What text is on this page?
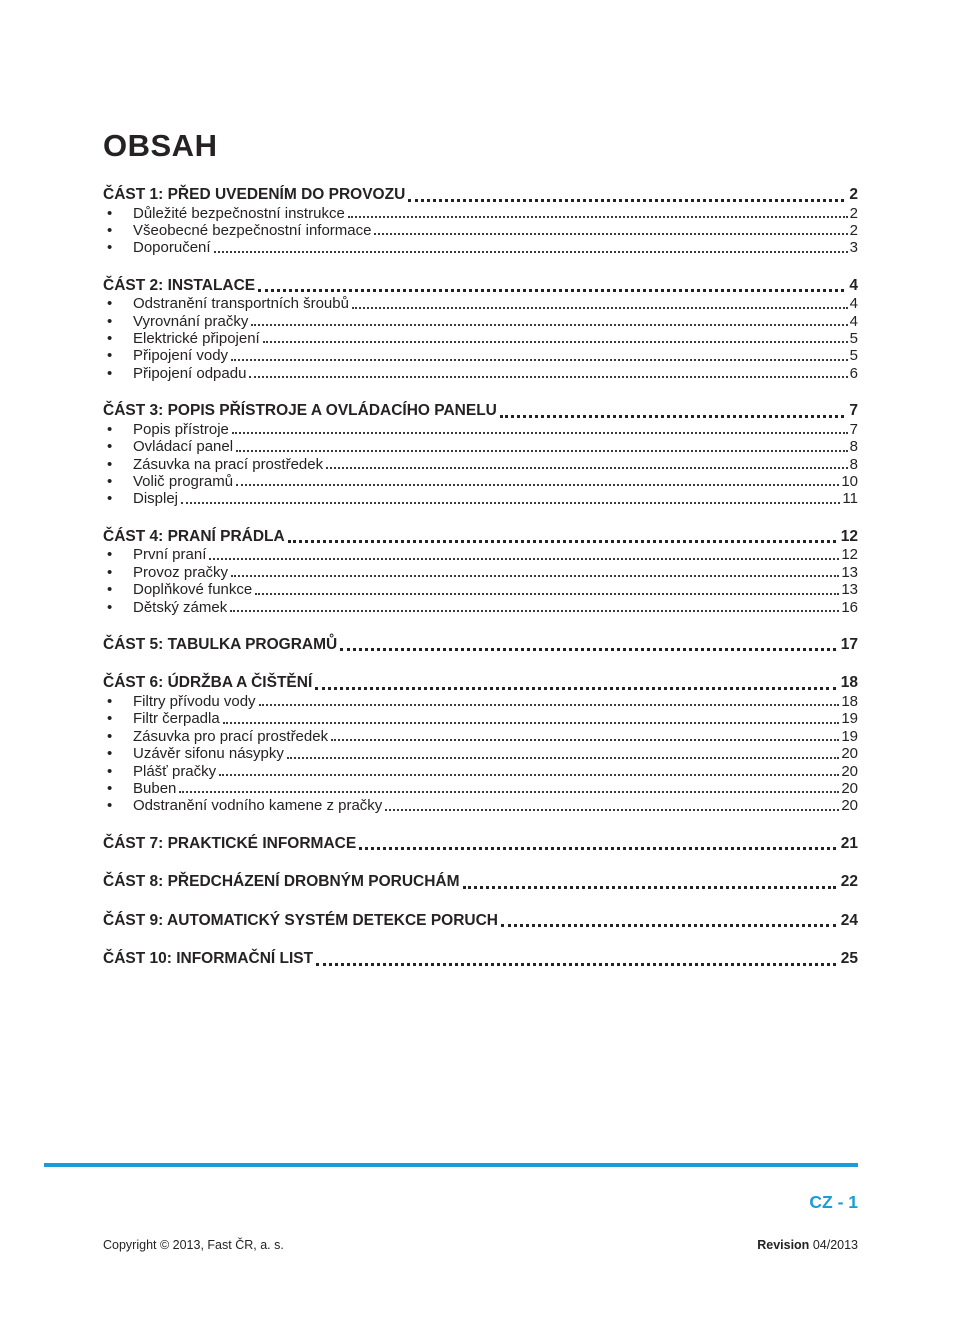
OBSAH
ČÁST 1: PŘED UVEDENÍM DO PROVOZU	2
•	Důležité bezpečnostní instrukce	2
•	Všeobecné bezpečnostní informace	2
•	Doporučení	3
ČÁST 2: INSTALACE	4
•	Odstranění transportních šroubů	4
•	Vyrovnání pračky	4
•	Elektrické připojení	5
•	Připojení vody	5
•	Připojení odpadu	6
ČÁST 3: POPIS PŘÍSTROJE A OVLÁDACÍHO PANELU	7
•	Popis přístroje	7
•	Ovládací panel	8
•	Zásuvka na prací prostředek	8
•	Volič programů	10
•	Displej	11
ČÁST 4: PRANÍ PRÁDLA	12
•	První praní	12
•	Provoz pračky	13
•	Doplňkové funkce	13
•	Dětský zámek	16
ČÁST 5: TABULKA PROGRAMŮ	17
ČÁST 6: ÚDRŽBA A ČIŠTĚNÍ	18
•	Filtry přívodu vody	18
•	Filtr čerpadla	19
•	Zásuvka pro prací prostředek	19
•	Uzávěr sifonu násypky	20
•	Plášť pračky	20
•	Buben	20
•	Odstranění vodního kamene z pračky	20
ČÁST 7: PRAKTICKÉ INFORMACE	21
ČÁST 8: PŘEDCHÁZENÍ DROBNÝM PORUCHÁM	22
ČÁST 9: AUTOMATICKÝ SYSTÉM DETEKCE PORUCH	24
ČÁST 10: INFORMAČNÍ LIST	25
CZ - 1
Copyright © 2013, Fast ČR, a. s.	Revision 04/2013
